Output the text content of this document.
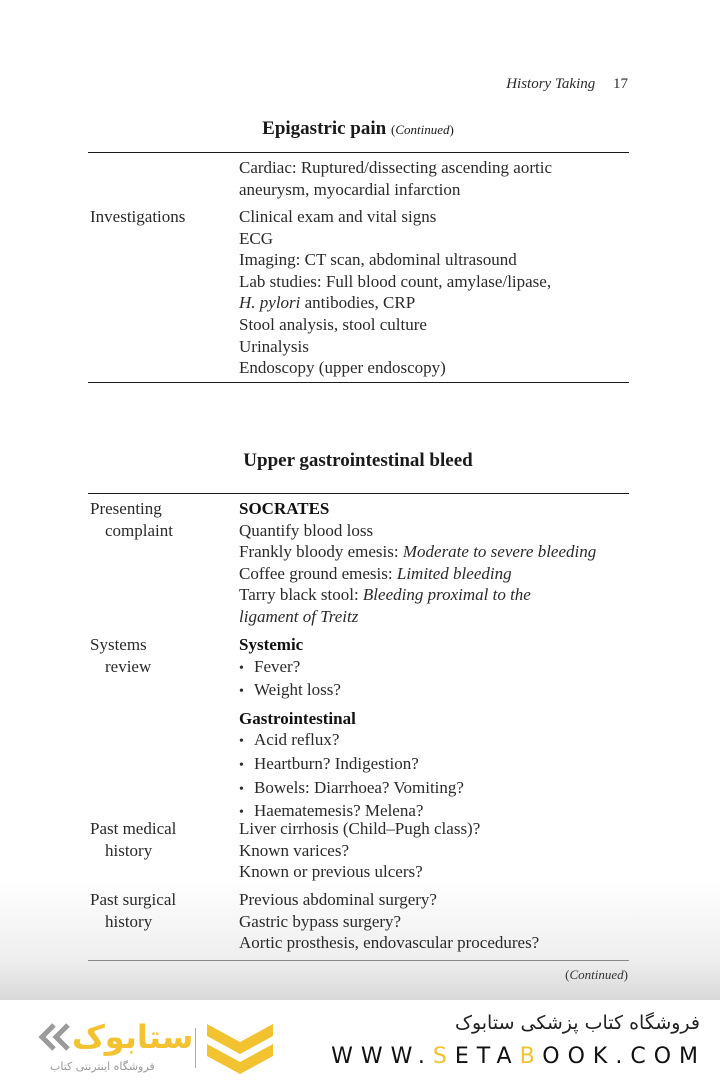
History Taking 17
Epigastric pain (Continued)
Cardiac: Ruptured/dissecting ascending aortic
aneurysm, myocardial infarction
Investigations	Clinical exam and vital signs
ECG
Imaging: CT scan, abdominal ultrasound
Lab studies: Full blood count, amylase/lipase,
H. pylori antibodies, CRP
Stool analysis, stool culture
Urinalysis
Endoscopy (upper endoscopy)
Upper gastrointestinal bleed
Presenting
complaint
SOCRATES
Quantify blood loss
Frankly bloody emesis: Moderate to severe bleeding
Coffee ground emesis: Limited bleeding
Tarry black stool: Bleeding proximal to the
ligament of Treitz
Systems
review
Systemic
• Fever?
• Weight loss?
Gastrointestinal
• Acid reflux?
• Heartburn? Indigestion?
• Bowels: Diarrhoea? Vomiting?
• Haematemesis? Melena?
Past medical
history
Liver cirrhosis (Child–Pugh class)?
Known varices?
Known or previous ulcers?
Past surgical
history
Previous abdominal surgery?
Gastric bypass surgery?
Aortic prosthesis, endovascular procedures?
(Continued)
ستابوک
فروشگاه اینترنتی کتاب
فروشگاه کتاب پزشکی ستابوک
WWW.SETABOOK.COM
